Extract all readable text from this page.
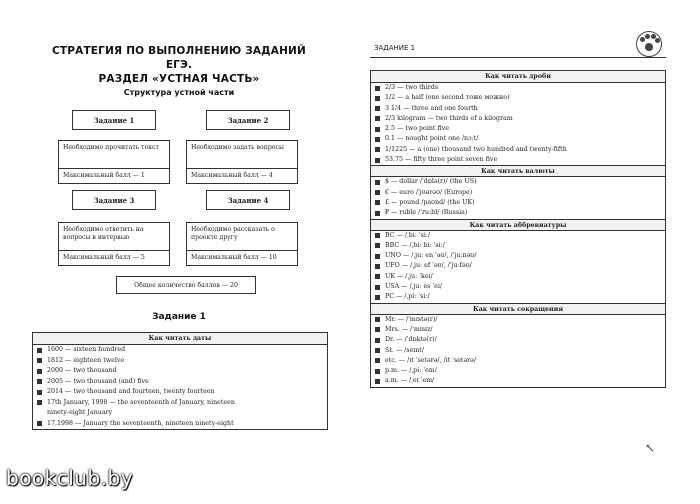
СТРАТЕГИЯ ПО ВЫПОЛНЕНИЮ ЗАДАНИЙ ЕГЭ.
РАЗДЕЛ «УСТНАЯ ЧАСТЬ»
Структура устной части
Задание 1
Необходимо прочитать текст
Максимальный балл — 1
Задание 2
Необходимо задать вопросы
Максимальный балл — 4
Задание 3
Необходимо ответить на вопросы в интервью
Максимальный балл — 5
Задание 4
Необходимо рассказать о проекте другу
Максимальный балл — 10
Общее количество баллов — 20
Задание 1
Как читать даты
1600 — sixteen hundred
1812 — eighteen twelve
2000 — two thousand
2005 — two thousand (and) five
2014 — two thousand and fourteen, twenty fourteen
17th January, 1998 — the seventeenth of January, nineteen
ninety-eight January
17.1998 — January the seventeenth, nineteen ninety-eight
ЗАДАНИЕ 1
Как читать дроби
2/3 — two thirds
1/2 — a half (one second тоже можно)
3 1/4 — three and one fourth
2/3 kilogram — two thirds of a kilogram
2.5 — two point five
0.1 — nought point one /nɔːt/
1/1225 — a (one) thousand two hundred and twenty-fifth
53.75 — fifty three point seven five
Как читать валюты
$ — dollar /ˈdɒlə(r)/ (the US)
€ — euro /ˈjʊərəʊ/ (Europe)
£ — pound /paʊnd/ (the UK)
₽ — ruble /ˈruːbl/ (Russia)
Как читать аббревиатуры
BC — /ˌbiː ˈsiː/
BBC — /ˌbiː biː ˈsiː/
UNO — /ˌjuː en ˈəʊ/, /ˈjuːnəʊ/
UFO — /ˌjuː ef ˈəʊ/, /ˈjuːfəʊ/
UK — /ˌjuː ˈkeɪ/
USA — /ˌjuː es ˈeɪ/
PC — /ˌpiː ˈsiː/
Как читать сокращения
Mr. — /ˈmɪstə(r)/
Mrs. — /ˈmɪsɪz/
Dr. — /ˈdɒktə(r)/
St. — /seɪnt/
etc. — /ɪt ˈsetərə/, /ɪt ˈsetərə/
p.m. — /ˌpiː ˈem/
a.m. — /ˌeɪ ˈem/
↖
bookclub.by
